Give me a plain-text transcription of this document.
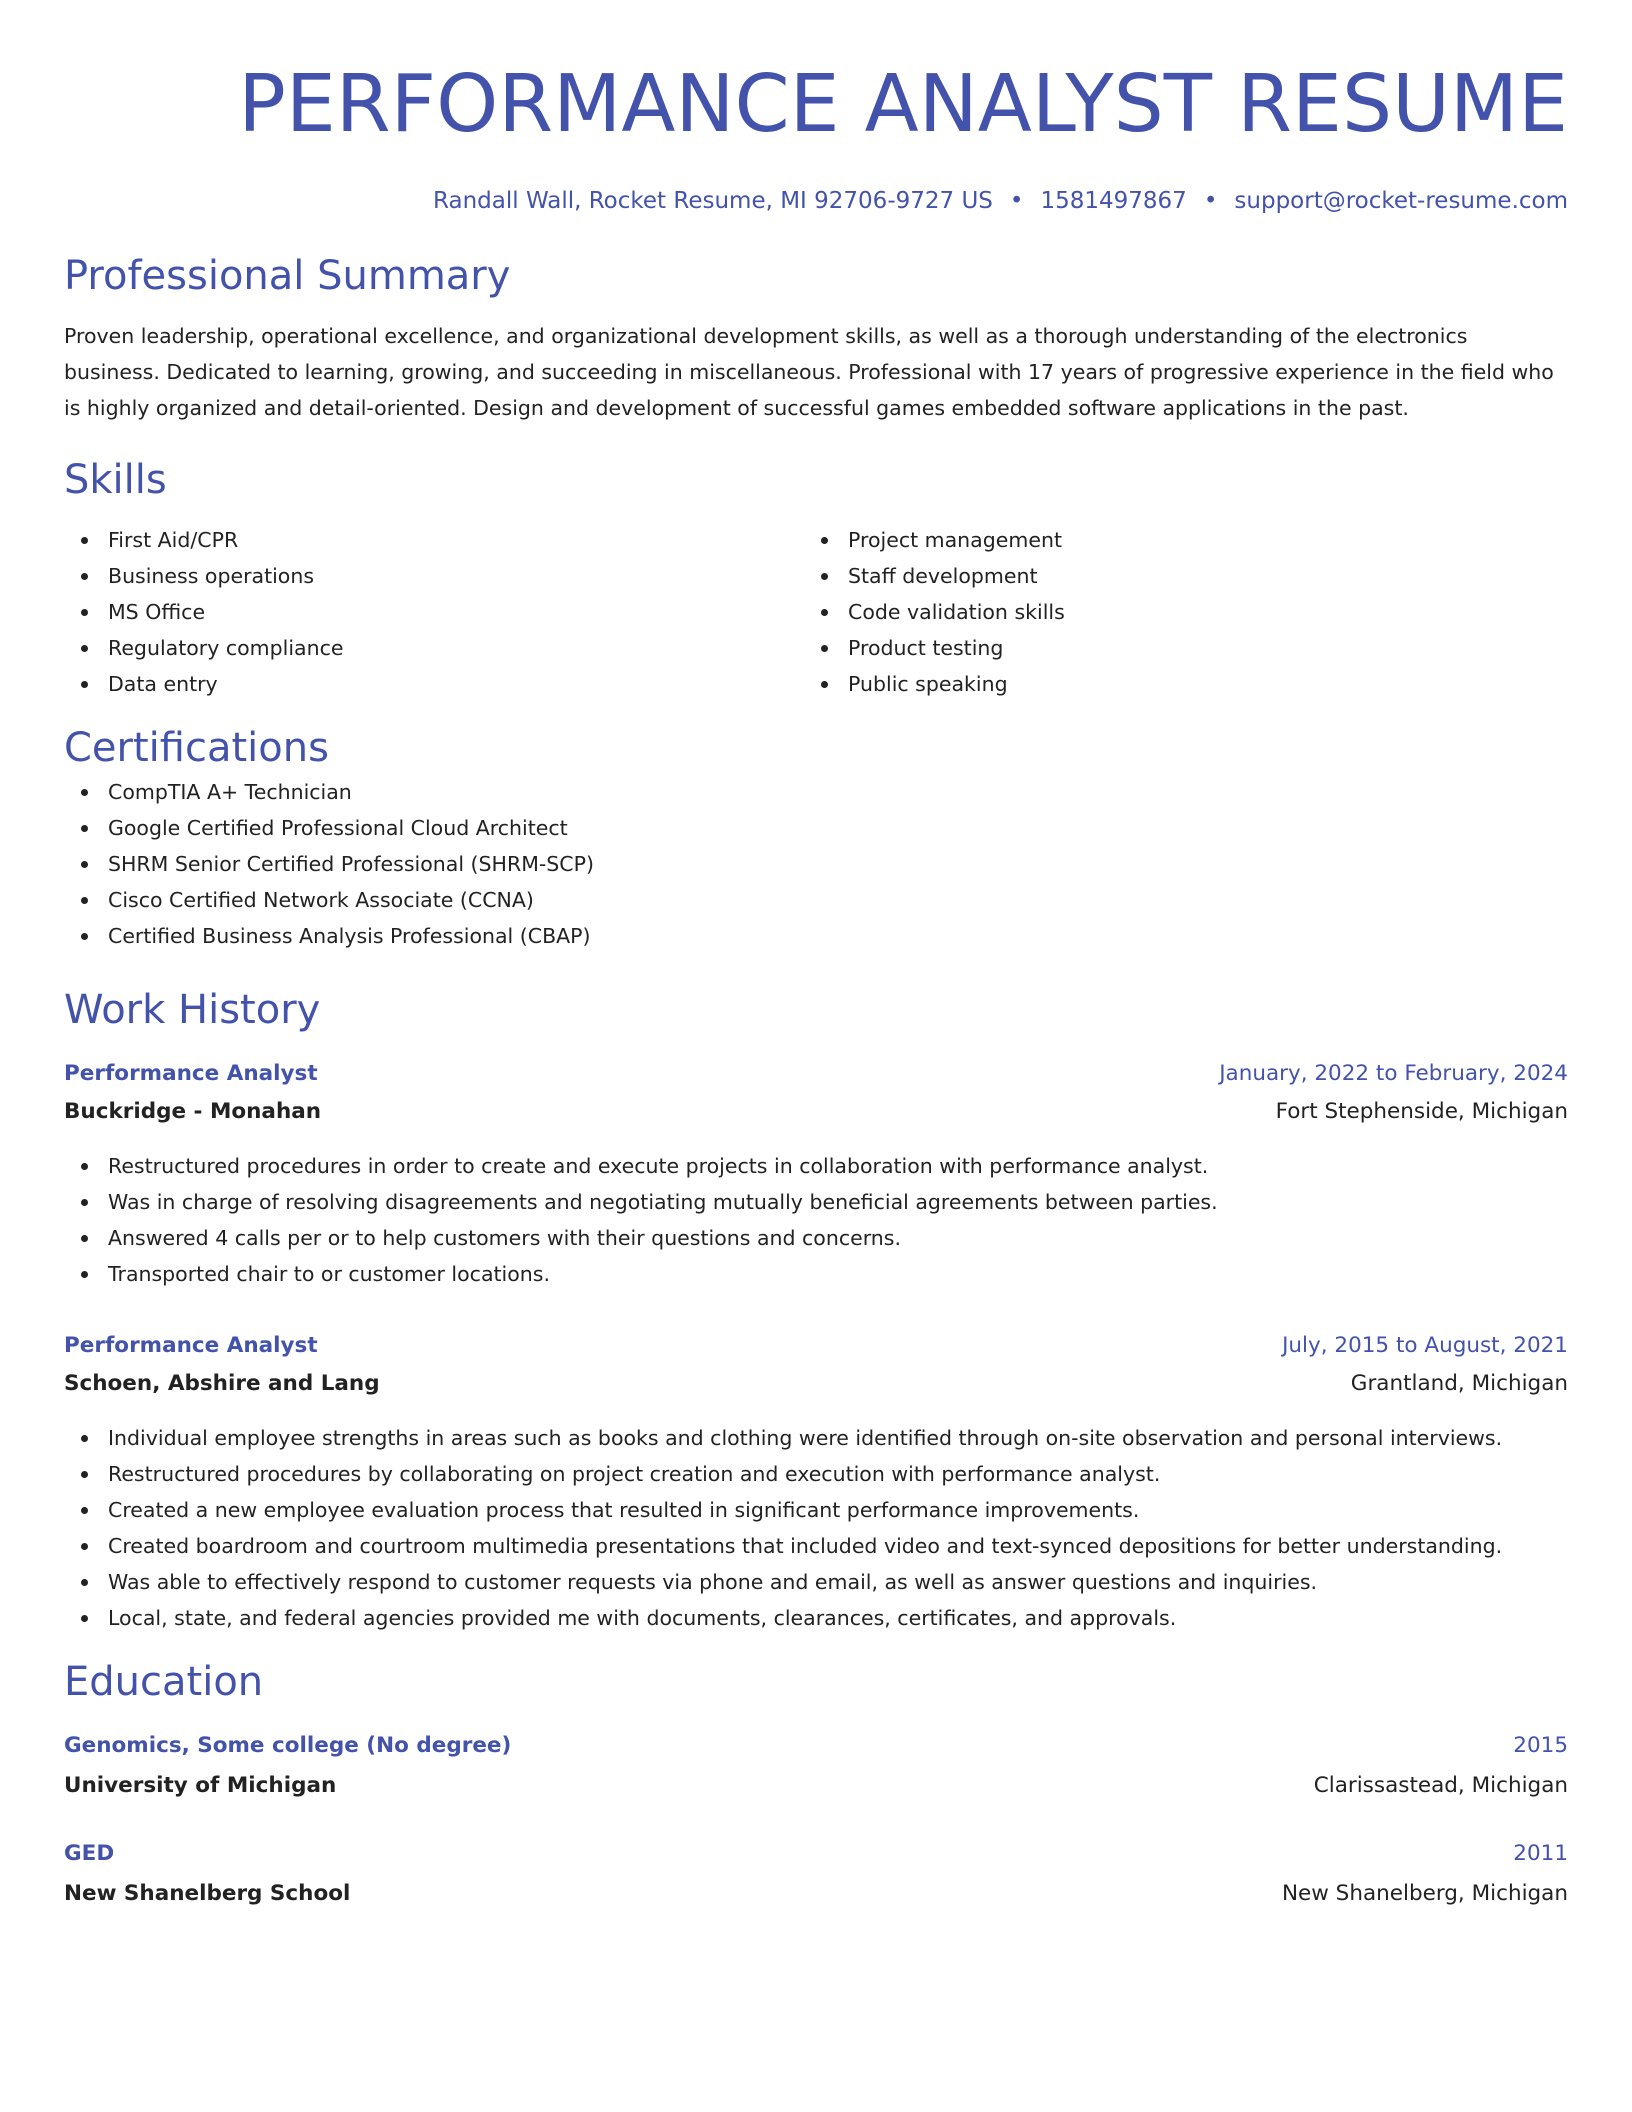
PERFORMANCE ANALYST RESUME
Randall Wall, Rocket Resume, MI 92706-9727 US • 1581497867 • support@rocket-resume.com
Professional Summary
Proven leadership, operational excellence, and organizational development skills, as well as a thorough understanding of the electronics business. Dedicated to learning, growing, and succeeding in miscellaneous. Professional with 17 years of progressive experience in the field who is highly organized and detail-oriented. Design and development of successful games embedded software applications in the past.
Skills
First Aid/CPR
Business operations
MS Office
Regulatory compliance
Data entry
Project management
Staff development
Code validation skills
Product testing
Public speaking
Certifications
CompTIA A+ Technician
Google Certified Professional Cloud Architect
SHRM Senior Certified Professional (SHRM-SCP)
Cisco Certified Network Associate (CCNA)
Certified Business Analysis Professional (CBAP)
Work History
Performance Analyst	January, 2022 to February, 2024
Buckridge - Monahan	Fort Stephenside, Michigan
Restructured procedures in order to create and execute projects in collaboration with performance analyst.
Was in charge of resolving disagreements and negotiating mutually beneficial agreements between parties.
Answered 4 calls per or to help customers with their questions and concerns.
Transported chair to or customer locations.
Performance Analyst	July, 2015 to August, 2021
Schoen, Abshire and Lang	Grantland, Michigan
Individual employee strengths in areas such as books and clothing were identified through on-site observation and personal interviews.
Restructured procedures by collaborating on project creation and execution with performance analyst.
Created a new employee evaluation process that resulted in significant performance improvements.
Created boardroom and courtroom multimedia presentations that included video and text-synced depositions for better understanding.
Was able to effectively respond to customer requests via phone and email, as well as answer questions and inquiries.
Local, state, and federal agencies provided me with documents, clearances, certificates, and approvals.
Education
Genomics, Some college (No degree)	2015
University of Michigan	Clarissastead, Michigan
GED	2011
New Shanelberg School	New Shanelberg, Michigan
